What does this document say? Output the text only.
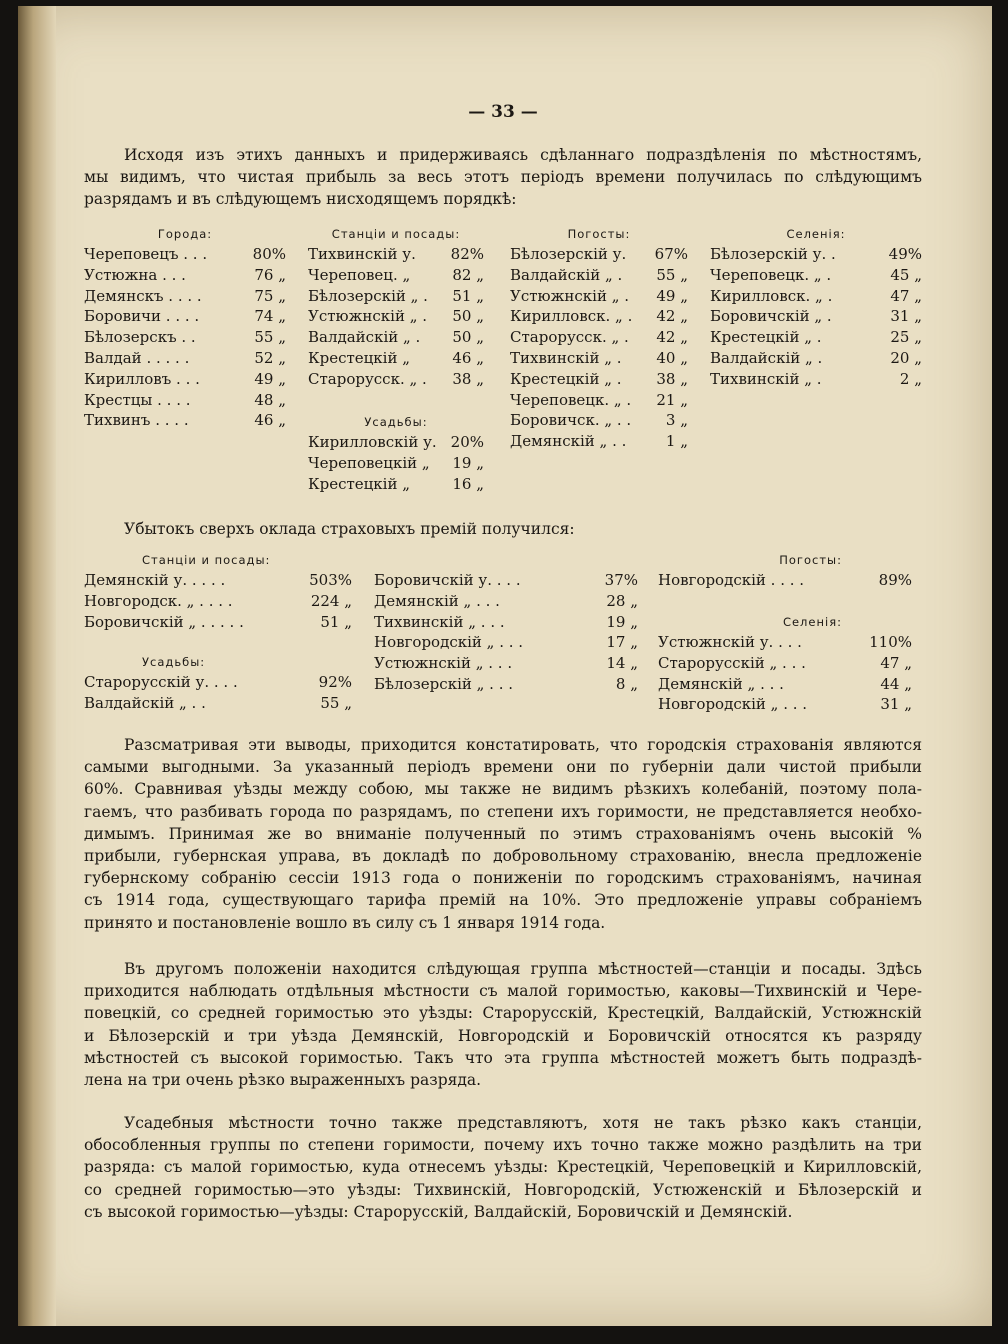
— 33 —

Исходя изъ этихъ данныхъ и придерживаясь сдѣланнаго подраздѣленія по мѣстностямъ,
мы видимъ, что чистая прибыль за весь этотъ періодъ времени получилась по слѣдующимъ
разрядамъ и въ слѣдующемъ нисходящемъ порядкѣ:

Города:
Череповецъ . . .	80%
Устюжна . . .	76 „
Демянскъ . . . .	75 „
Боровичи . . . .	74 „
Бѣлозерскъ . .	55 „
Валдай . . . . .	52 „
Кирилловъ . . .	49 „
Крестцы . . . .	48 „
Тихвинъ . . . .	46 „
Станціи и посады:
Тихвинскій у. 82%
Череповец. „	82 „
Бѣлозерскій „ . 51 „
Устюжнскій „ . 50 „
Валдайскій „ . 50 „
Крестецкій „	46 „
Старорусск. „ . 38 „
Усадьбы:
Кирилловскій у. 20%
Череповецкій „ 19 „
Крестецкій „	16 „
Погосты:
Бѣлозерскій у. 67%
Валдайскій „ . 55 „
Устюжнскій „ . 49 „
Кирилловск. „ . 42 „
Старорусск. „ . 42 „
Тихвинскій „ . 40 „
Крестецкій „ . 38 „
Череповецк. „ . 21 „
Боровичск. „ . . 3 „
Демянскій „ . .	1 „
Селенія:
Бѣлозерскій у. .	49%
Череповецк. „ .	45 „
Кирилловск. „ .	47 „
Боровичскій „ .	31 „
Крестецкій „ .	25 „
Валдайскій „ .	20 „
Тихвинскій „ .	2 „

Убытокъ сверхъ оклада страховыхъ премій получился:

Станціи и посады:
Демянскій у. . . . .	503%
Новгородск. „ . . . .	224 „
Боровичскій „ . . . . .	51 „
Усадьбы:
Старорусскій у. . . .	92%
Валдайскій „ . .	55 „
Боровичскій у. . . .	37%
Демянскій „ . . .	28 „
Тихвинскій „ . . .	19 „
Новгородскій „ . . .	17 „
Устюжнскій „ . . .	14 „
Бѣлозерскій „ . . .	8 „
Погосты:
Новгородскій . . . .	89%
Селенія:
Устюжнскій у. . . .	110%
Старорусскій „ . . .	47 „
Демянскій „ . . .	44 „
Новгородскій „ . . .	31 „

Разсматривая эти выводы, приходится констатировать, что городскія страхованія являются
самыми выгодными. За указанный періодъ времени они по губерніи дали чистой прибыли
60%. Сравнивая уѣзды между собою, мы также не видимъ рѣзкихъ колебаній, поэтому пола-
гаемъ, что разбивать города по разрядамъ, по степени ихъ горимости, не представляется необхо-
димымъ. Принимая же во вниманіе полученный по этимъ страхованіямъ очень высокій %
прибыли, губернская управа, въ докладѣ по добровольному страхованію, внесла предложеніе
губернскому собранію сессіи 1913 года о пониженіи по городскимъ страхованіямъ, начиная
съ 1914 года, существующаго тарифа премій на 10%. Это предложеніе управы собраніемъ
принято и постановленіе вошло въ силу съ 1 января 1914 года.

Въ другомъ положеніи находится слѣдующая группа мѣстностей—станціи и посады. Здѣсь
приходится наблюдать отдѣльныя мѣстности съ малой горимостью, каковы—Тихвинскій и Чере-
повецкій, со средней горимостью это уѣзды: Старорусскій, Крестецкій, Валдайскій, Устюжнскій
и Бѣлозерскій и три уѣзда Демянскій, Новгородскій и Боровичскій относятся къ разряду
мѣстностей съ высокой горимостью. Такъ что эта группа мѣстностей можетъ быть подраздѣ-
лена на три очень рѣзко выраженныхъ разряда.

Усадебныя мѣстности точно также представляютъ, хотя не такъ рѣзко какъ станціи,
обособленныя группы по степени горимости, почему ихъ точно также можно раздѣлить на три
разряда: съ малой горимостью, куда отнесемъ уѣзды: Крестецкій, Череповецкій и Кирилловскій,
со средней горимостью—это уѣзды: Тихвинскій, Новгородскій, Устюженскій и Бѣлозерскій и
съ высокой горимостью—уѣзды: Старорусскій, Валдайскій, Боровичскій и Демянскій.
